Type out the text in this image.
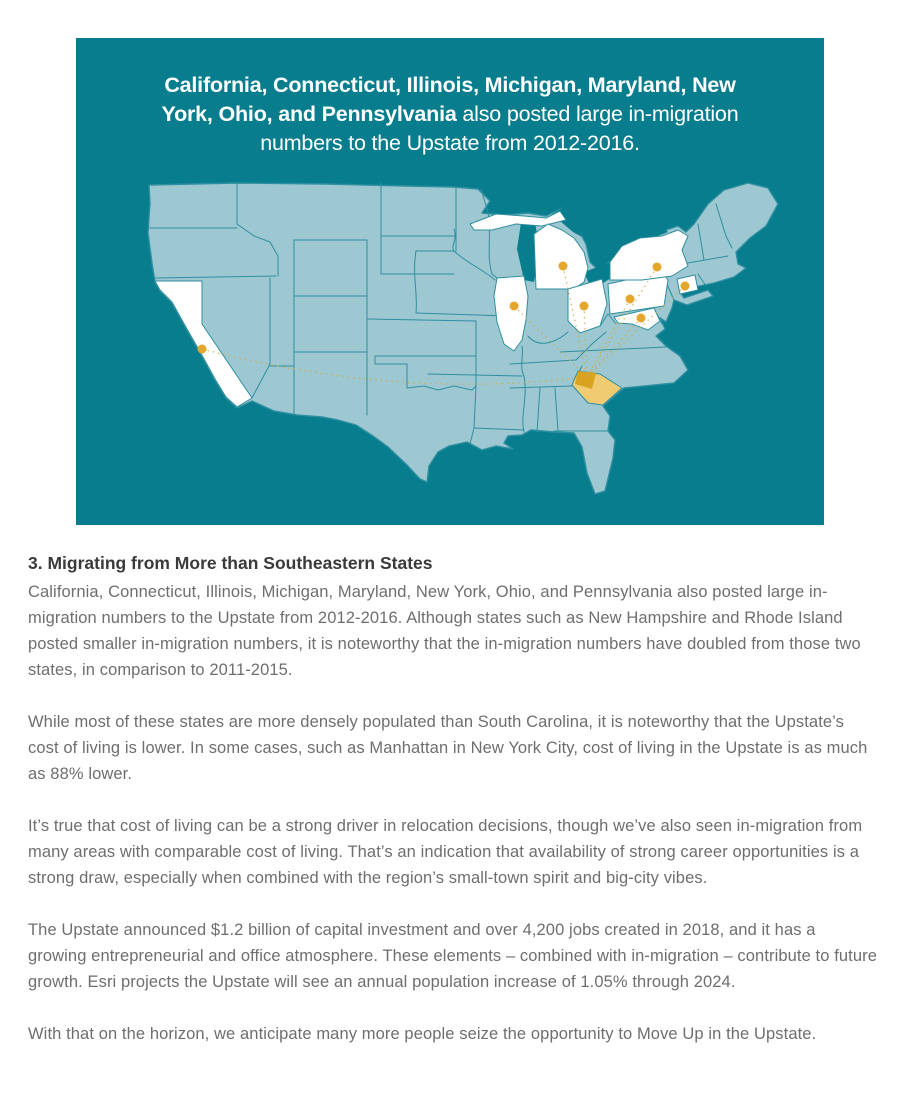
California, Connecticut, Illinois, Michigan, Maryland, New York, Ohio, and Pennsylvania also posted large in-migration numbers to the Upstate from 2012-2016.
3. Migrating from More than Southeastern States

California, Connecticut, Illinois, Michigan, Maryland, New York, Ohio, and Pennsylvania also posted large in-migration numbers to the Upstate from 2012-2016. Although states such as New Hampshire and Rhode Island posted smaller in-migration numbers, it is noteworthy that the in-migration numbers have doubled from those two states, in comparison to 2011-2015.

While most of these states are more densely populated than South Carolina, it is noteworthy that the Upstate’s cost of living is lower. In some cases, such as Manhattan in New York City, cost of living in the Upstate is as much as 88% lower.

It’s true that cost of living can be a strong driver in relocation decisions, though we’ve also seen in-migration from many areas with comparable cost of living. That’s an indication that availability of strong career opportunities is a strong draw, especially when combined with the region’s small-town spirit and big-city vibes.

The Upstate announced $1.2 billion of capital investment and over 4,200 jobs created in 2018, and it has a growing entrepreneurial and office atmosphere. These elements – combined with in-migration – contribute to future growth. Esri projects the Upstate will see an annual population increase of 1.05% through 2024.

With that on the horizon, we anticipate many more people seize the opportunity to Move Up in the Upstate.
